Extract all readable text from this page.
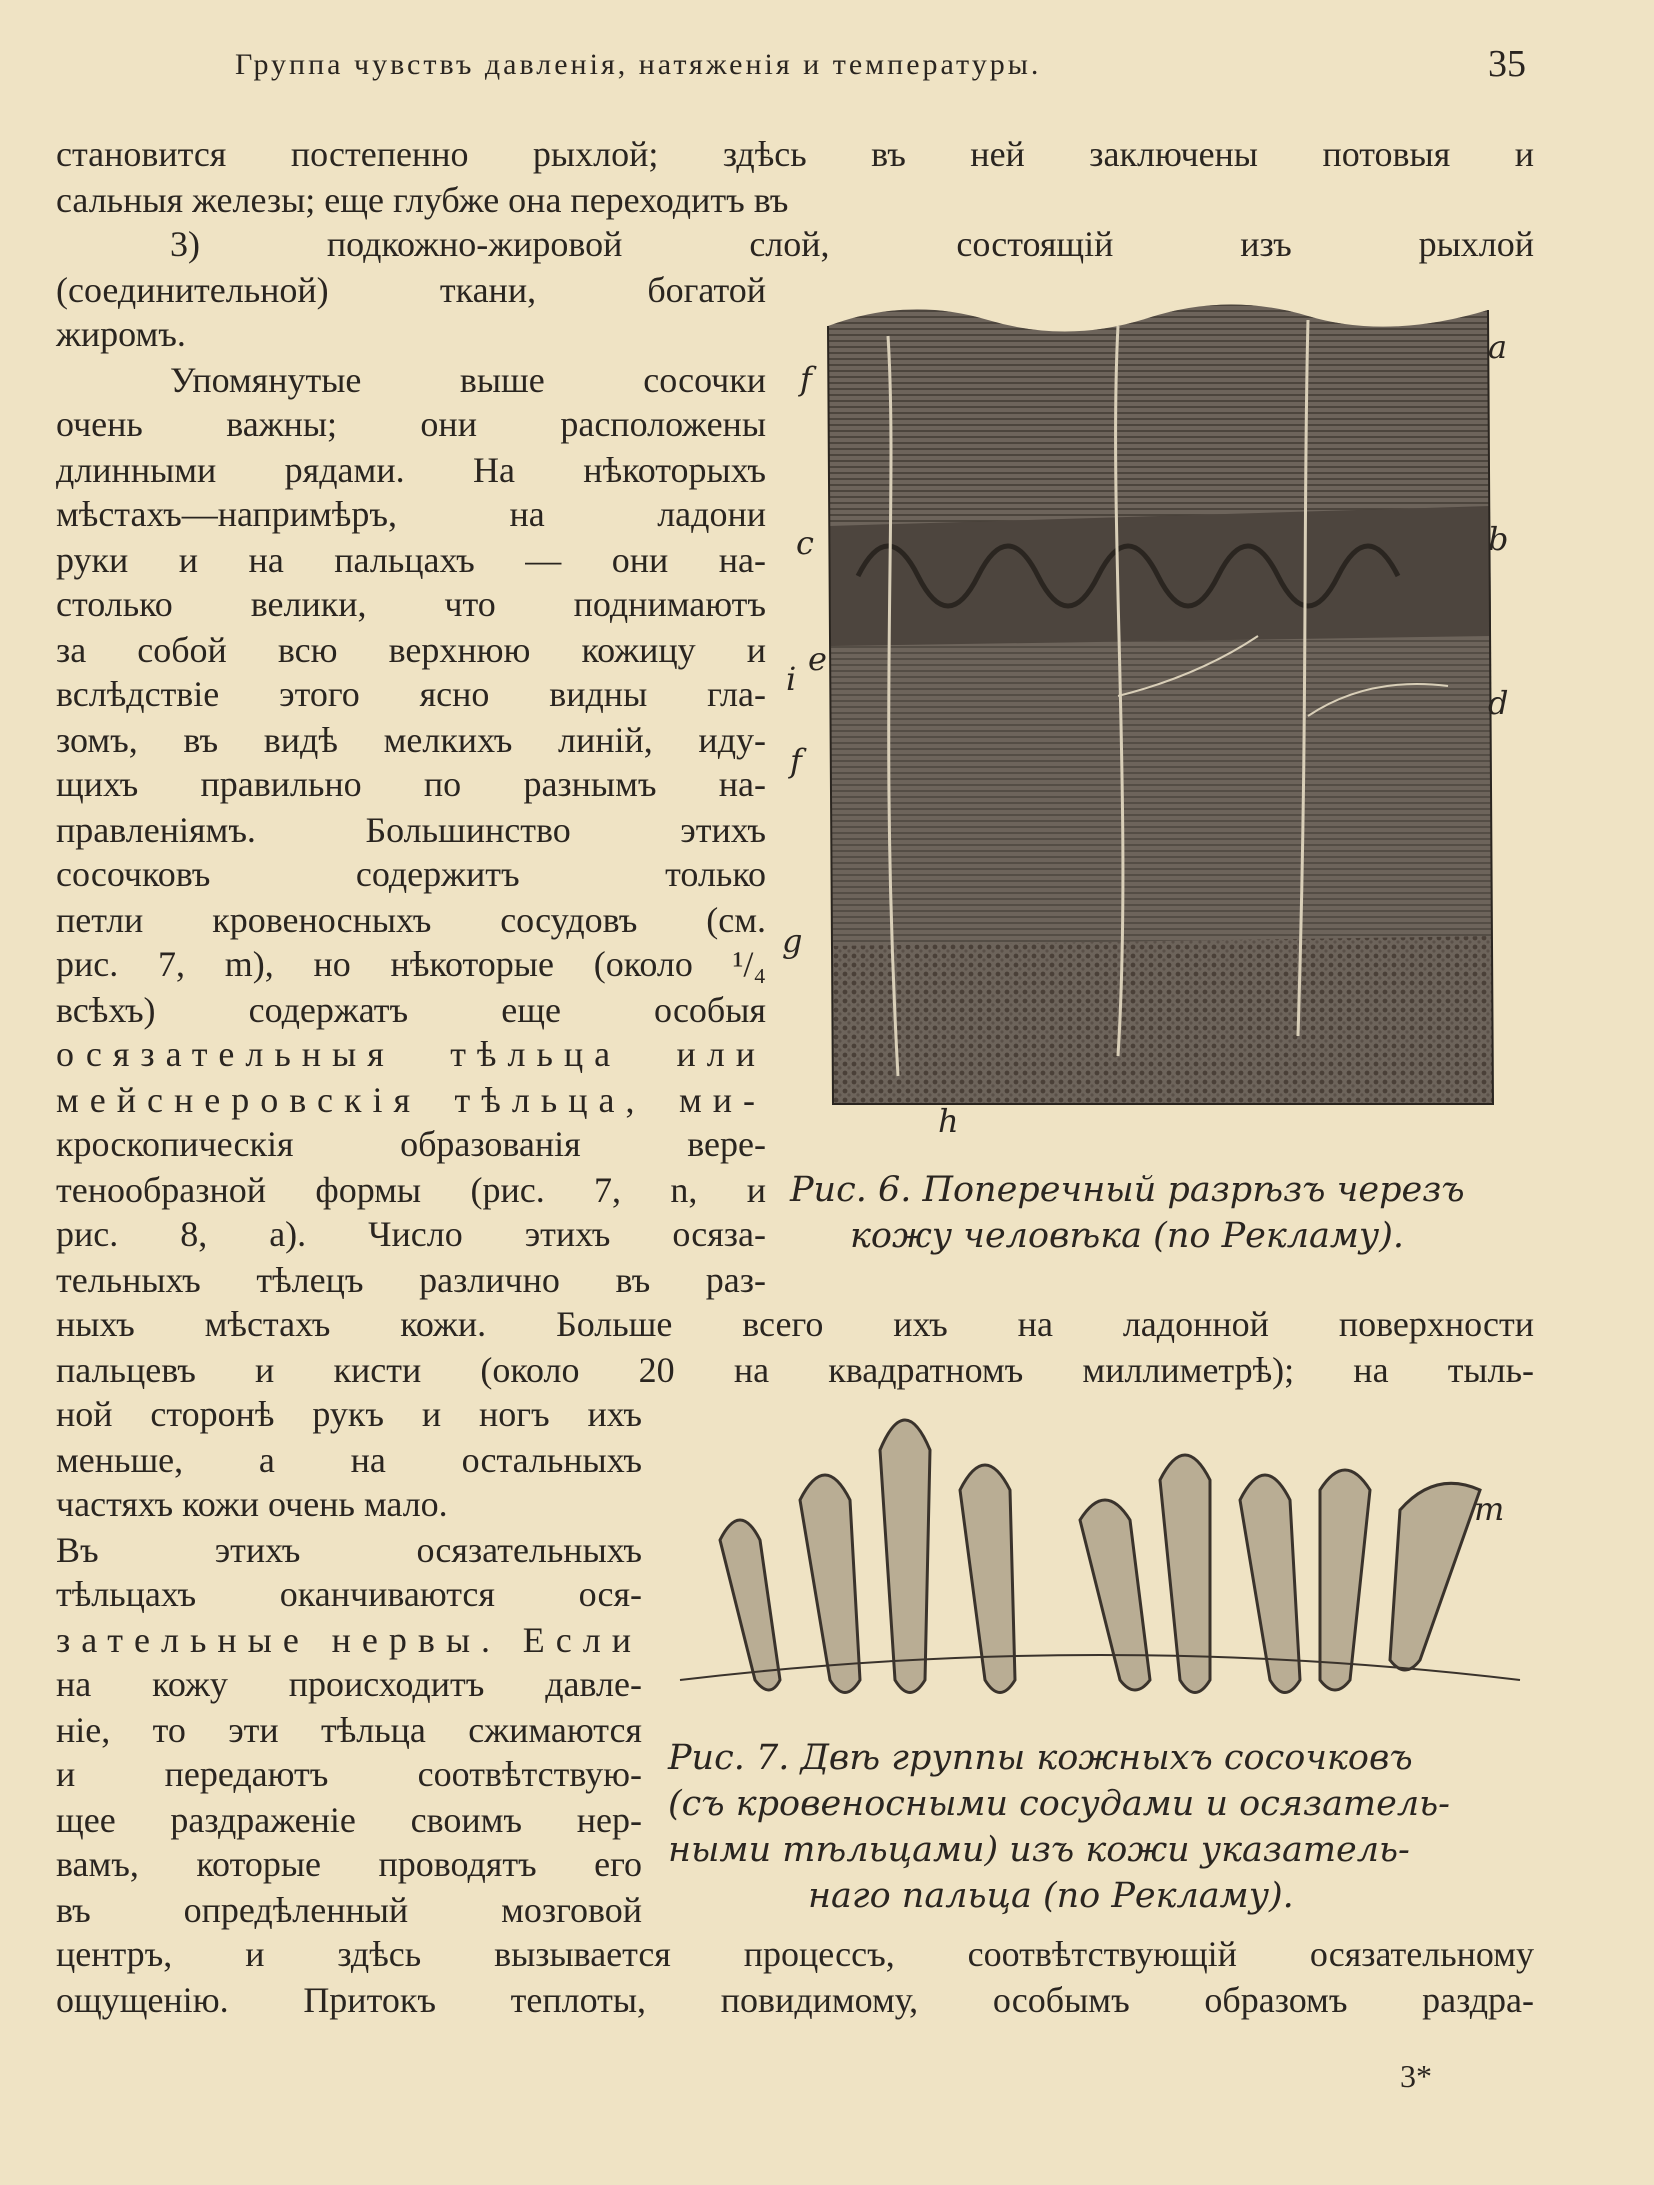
Группа чувствъ давленія, натяженія и температуры.	35
становится постепенно рыхлой; здѣсь въ ней заключены потовыя и
сальныя железы; еще глубже она переходитъ въ
3) подкожно-жировой слой, состоящій изъ рыхлой
(соединительной) ткани, богатой
жиромъ.
Упомянутые выше сосочки
очень важны; они расположены
длинными рядами. На нѣкоторыхъ
мѣстахъ—напримѣръ, на ладони
руки и на пальцахъ — они на-
столько велики, что поднимаютъ
за собой всю верхнюю кожицу и
вслѣдствіе этого ясно видны гла-
зомъ, въ видѣ мелкихъ линій, иду-
щихъ правильно по разнымъ на-
правленіямъ. Большинство этихъ
сосочковъ содержитъ только
петли кровеносныхъ сосудовъ (см.
рис. 7, m), но нѣкоторые (около ¹/₄
всѣхъ) содержатъ еще особыя
осязательныя тѣльца или
мейснеровскія тѣльца, ми-
кроскопическія образованія вере-
тенообразной формы (рис. 7, n, и
рис. 8, a). Число этихъ осяза-
тельныхъ тѣлецъ различно въ раз-
ныхъ мѣстахъ кожи. Больше всего ихъ на ладонной поверхности
пальцевъ и кисти (около 20 на квадратномъ миллиметрѣ); на тыль-
ной сторонѣ рукъ и ногъ ихъ
меньше, а на остальныхъ
частяхъ кожи очень мало.
Въ этихъ осязательныхъ
тѣльцахъ оканчиваются ося-
зательные нервы. Если
на кожу происходитъ давле-
ніе, то эти тѣльца сжимаются
и передаютъ соотвѣтствую-
щее раздраженіе своимъ нер-
вамъ, которые проводятъ его
въ опредѣленный мозговой
центръ, и здѣсь вызывается процессъ, соотвѣтствующій осязательному
ощущенію. Притокъ теплоты, повидимому, особымъ образомъ раздра-
a
b
d
f
c
e
i
f
g
h
Рис. 6. Поперечный разрѣзъ черезъ
кожу человѣка (по Рекламу).
m
Рис. 7. Двѣ группы кожныхъ сосочковъ
(съ кровеносными сосудами и осязатель-
ными тѣльцами) изъ кожи указатель-
наго пальца (по Рекламу).
3*
